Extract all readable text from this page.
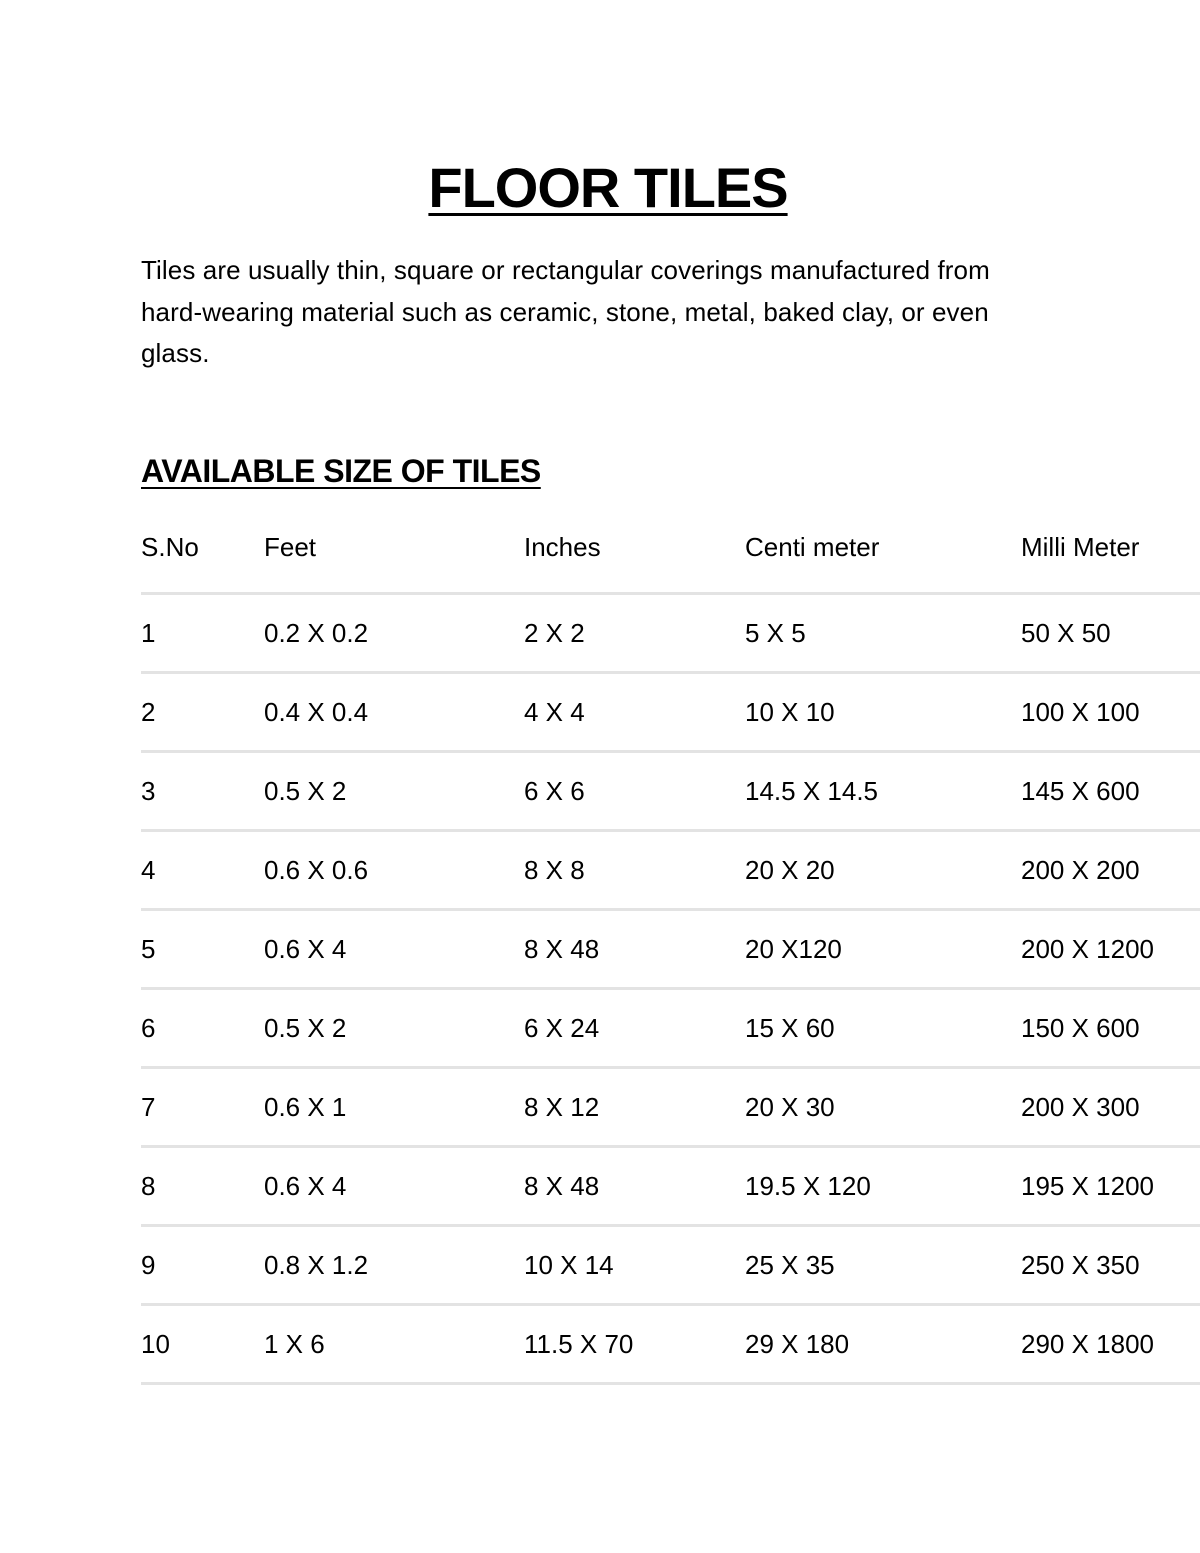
FLOOR TILES

Tiles are usually thin, square or rectangular coverings manufactured from hard-wearing material such as ceramic, stone, metal, baked clay, or even glass.

AVAILABLE SIZE OF TILES
S.No	Feet	Inches	Centi meter	Milli Meter
1	0.2 X 0.2	2 X 2	5 X 5	50 X 50
2	0.4 X 0.4	4 X 4	10 X 10	100 X 100
3	0.5 X 2	6 X 6	14.5 X 14.5	145 X 600
4	0.6 X 0.6	8 X 8	20 X 20	200 X 200
5	0.6 X 4	8 X 48	20 X120	200 X 1200
6	0.5 X 2	6 X 24	15 X 60	150 X 600
7	0.6 X 1	8 X 12	20 X 30	200 X 300
8	0.6 X 4	8 X 48	19.5 X 120	195 X 1200
9	0.8 X 1.2	10 X 14	25 X 35	250 X 350
10	1 X 6	11.5 X 70	29 X 180	290 X 1800
